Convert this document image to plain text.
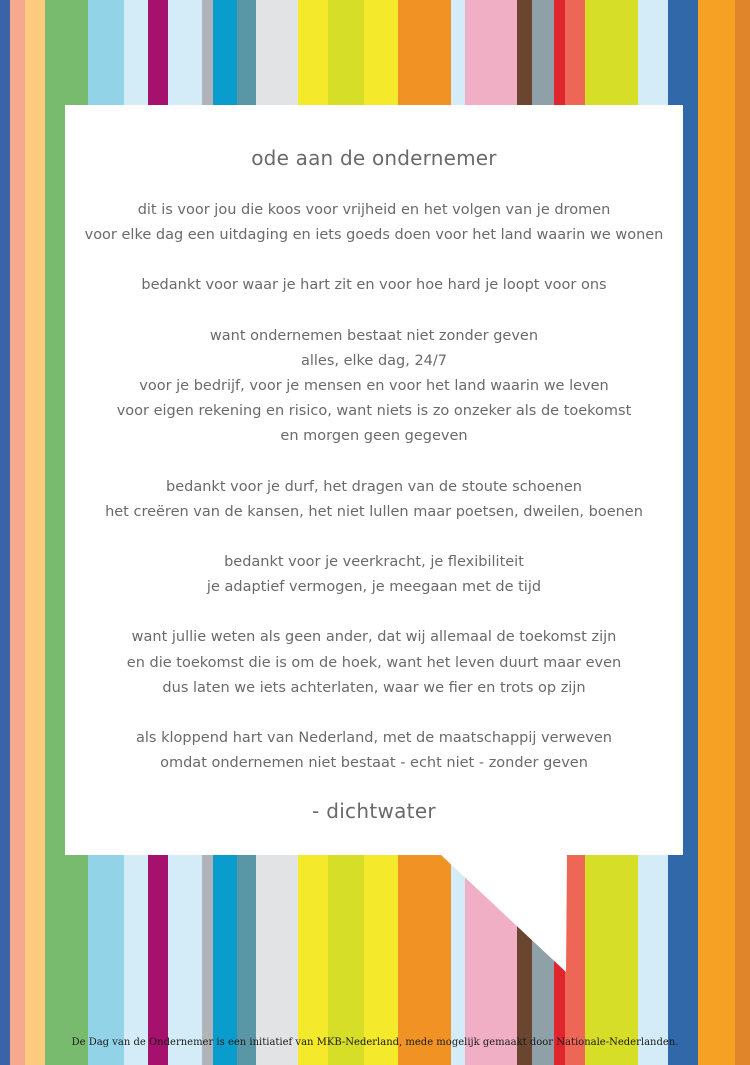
ode aan de ondernemer
dit is voor jou die koos voor vrijheid en het volgen van je dromen
voor elke dag een uitdaging en iets goeds doen voor het land waarin we wonen
bedankt voor waar je hart zit en voor hoe hard je loopt voor ons
want ondernemen bestaat niet zonder geven
alles, elke dag, 24/7
voor je bedrijf, voor je mensen en voor het land waarin we leven
voor eigen rekening en risico, want niets is zo onzeker als de toekomst
en morgen geen gegeven
bedankt voor je durf, het dragen van de stoute schoenen
het creëren van de kansen, het niet lullen maar poetsen, dweilen, boenen
bedankt voor je veerkracht, je flexibiliteit
je adaptief vermogen, je meegaan met de tijd
want jullie weten als geen ander, dat wij allemaal de toekomst zijn
en die toekomst die is om de hoek, want het leven duurt maar even
dus laten we iets achterlaten, waar we fier en trots op zijn
als kloppend hart van Nederland, met de maatschappij verweven
omdat ondernemen niet bestaat - echt niet - zonder geven
- dichtwater
De Dag van de Ondernemer is een initiatief van MKB-Nederland, mede mogelijk gemaakt door Nationale-Nederlanden.
